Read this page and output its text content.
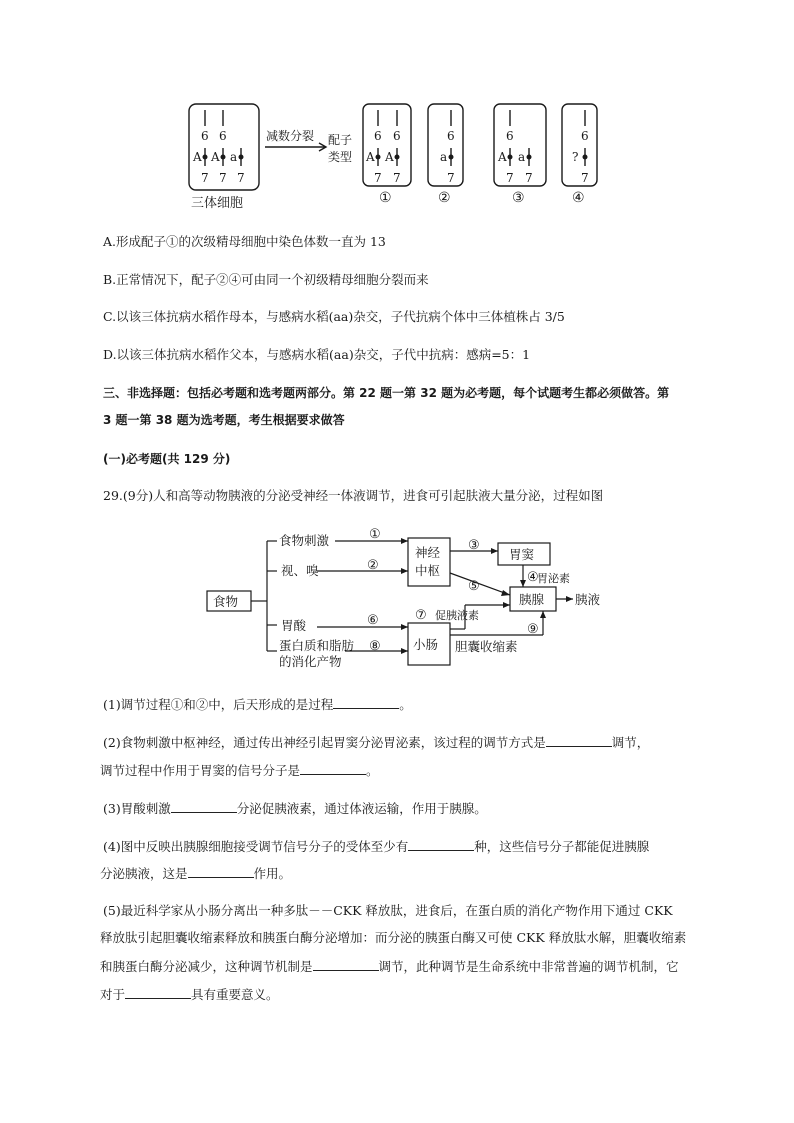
6 6	6 6	6	6	6
7 7 7	7 7	7	7 7	7
A A a	A A	a	A a	?
减数分裂 配子
类型
三体细胞	①	②	③	④
A.形成配子①的次级精母细胞中染色体数一直为 13
B.正常情况下，配子②④可由同一个初级精母细胞分裂而来
C.以该三体抗病水稻作母本，与感病水稻(aa)杂交，子代抗病个体中三体植株占 3/5
D.以该三体抗病水稻作父本，与感病水稻(aa)杂交，子代中抗病：感病=5：1
三、非选择题：包括必考题和选考题两部分。第 22 题一第 32 题为必考题，每个试题考生都必须做答。第
3 题一第 38 题为选考题，考生根据要求做答
(一)必考题(共 129 分)
29.(9分)人和高等动物胰液的分泌受神经一体液调节，进食可引起肤液大量分泌，过程如图
食物
食物刺激
视、嗅
胃酸
蛋白质和脂肪
的消化产物
神经
中枢
胃窦
胰腺 胰液
小肠
胃泌素
促胰液素
胆囊收缩素
①
②
③
④
⑤
⑥	⑦
⑧
⑨
(1)调节过程①和②中，后天形成的是过程	。
(2)食物刺激中枢神经，通过传出神经引起胃窦分泌胃泌素，该过程的调节方式是	调节，
调节过程中作用于胃窦的信号分子是	。
(3)胃酸刺激	分泌促胰液素，通过体液运输，作用于胰腺。
(4)图中反映出胰腺细胞接受调节信号分子的受体至少有	种，这些信号分子都能促进胰腺
分泌胰液，这是	作用。
(5)最近科学家从小肠分离出一种多肽－－CKK 释放肽，进食后，在蛋白质的消化产物作用下通过 CKK
释放肽引起胆囊收缩素释放和胰蛋白酶分泌增加：而分泌的胰蛋白酶又可使 CKK 释放肽水解，胆囊收缩素
和胰蛋白酶分泌减少，这种调节机制是	调节，此种调节是生命系统中非常普遍的调节机制，它
对于	具有重要意义。
